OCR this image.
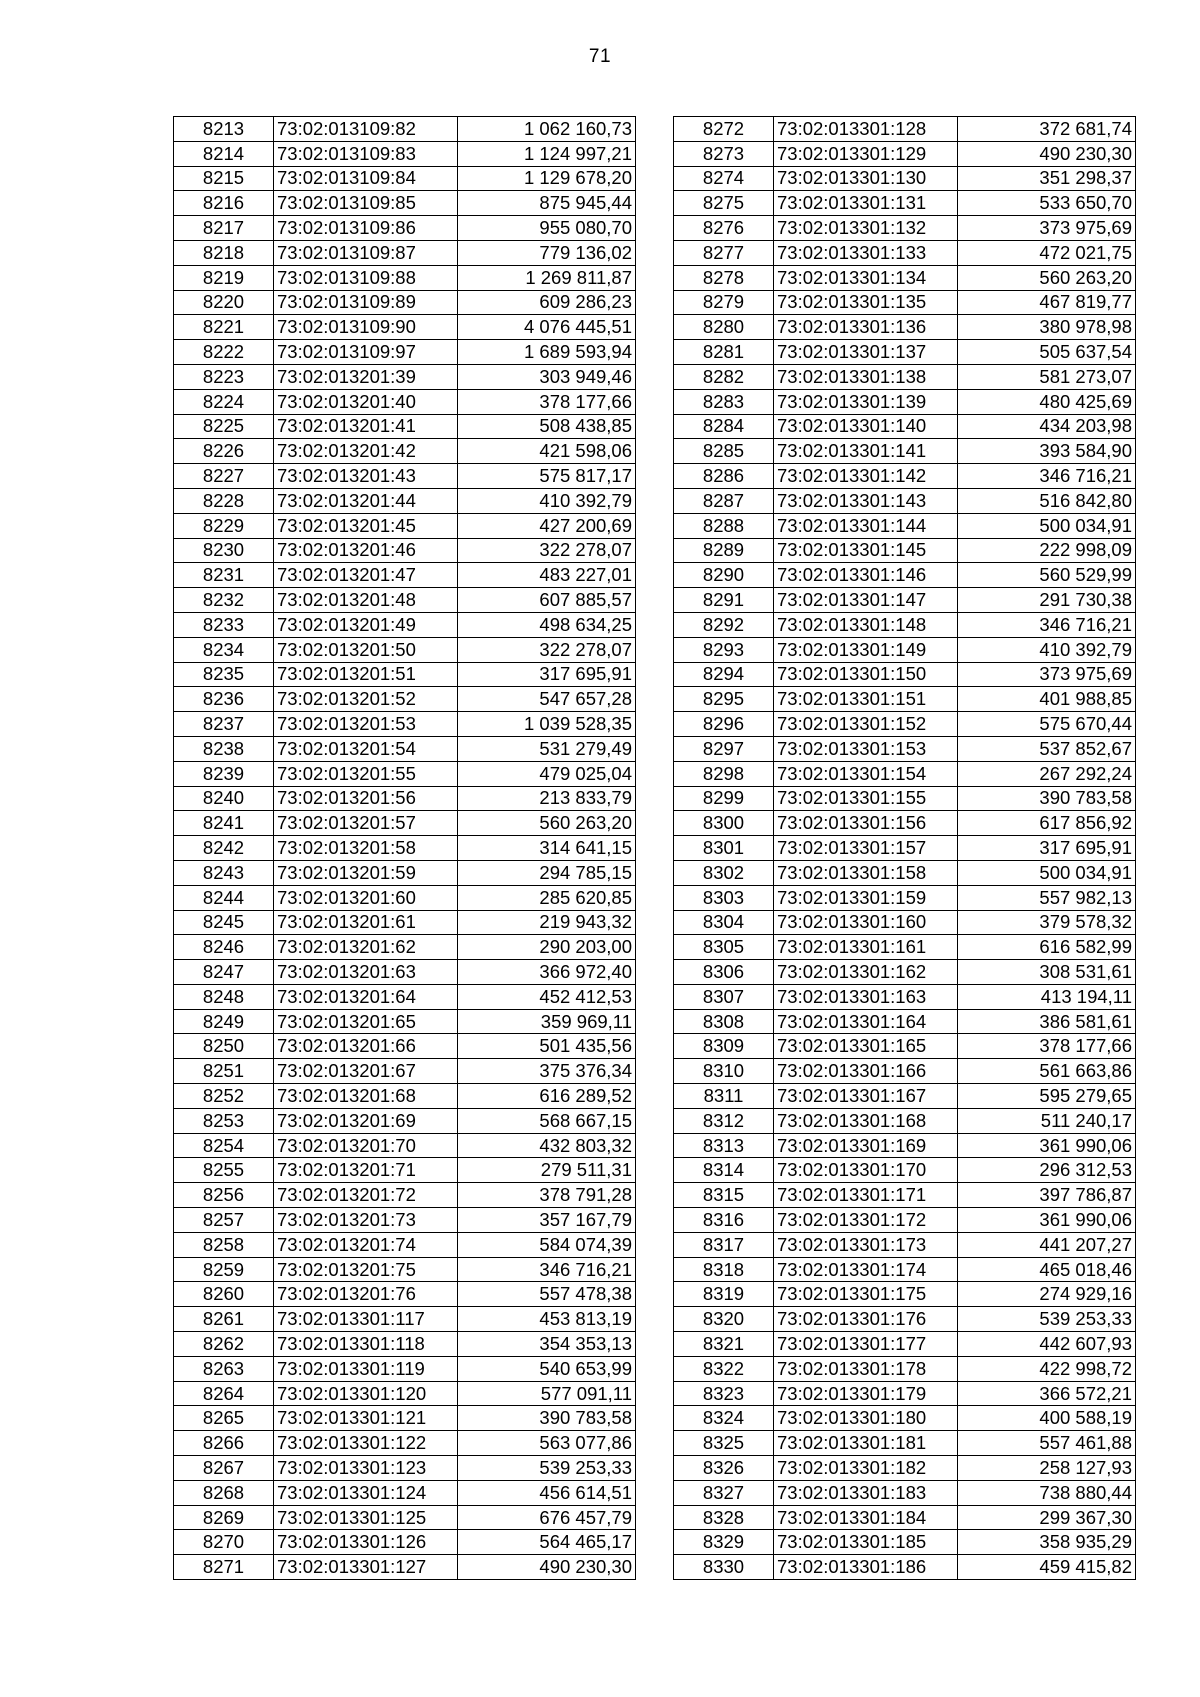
71
8213	73:02:013109:82	1 062 160,73
8214	73:02:013109:83	1 124 997,21
8215	73:02:013109:84	1 129 678,20
8216	73:02:013109:85	875 945,44
8217	73:02:013109:86	955 080,70
8218	73:02:013109:87	779 136,02
8219	73:02:013109:88	1 269 811,87
8220	73:02:013109:89	609 286,23
8221	73:02:013109:90	4 076 445,51
8222	73:02:013109:97	1 689 593,94
8223	73:02:013201:39	303 949,46
8224	73:02:013201:40	378 177,66
8225	73:02:013201:41	508 438,85
8226	73:02:013201:42	421 598,06
8227	73:02:013201:43	575 817,17
8228	73:02:013201:44	410 392,79
8229	73:02:013201:45	427 200,69
8230	73:02:013201:46	322 278,07
8231	73:02:013201:47	483 227,01
8232	73:02:013201:48	607 885,57
8233	73:02:013201:49	498 634,25
8234	73:02:013201:50	322 278,07
8235	73:02:013201:51	317 695,91
8236	73:02:013201:52	547 657,28
8237	73:02:013201:53	1 039 528,35
8238	73:02:013201:54	531 279,49
8239	73:02:013201:55	479 025,04
8240	73:02:013201:56	213 833,79
8241	73:02:013201:57	560 263,20
8242	73:02:013201:58	314 641,15
8243	73:02:013201:59	294 785,15
8244	73:02:013201:60	285 620,85
8245	73:02:013201:61	219 943,32
8246	73:02:013201:62	290 203,00
8247	73:02:013201:63	366 972,40
8248	73:02:013201:64	452 412,53
8249	73:02:013201:65	359 969,11
8250	73:02:013201:66	501 435,56
8251	73:02:013201:67	375 376,34
8252	73:02:013201:68	616 289,52
8253	73:02:013201:69	568 667,15
8254	73:02:013201:70	432 803,32
8255	73:02:013201:71	279 511,31
8256	73:02:013201:72	378 791,28
8257	73:02:013201:73	357 167,79
8258	73:02:013201:74	584 074,39
8259	73:02:013201:75	346 716,21
8260	73:02:013201:76	557 478,38
8261	73:02:013301:117	453 813,19
8262	73:02:013301:118	354 353,13
8263	73:02:013301:119	540 653,99
8264	73:02:013301:120	577 091,11
8265	73:02:013301:121	390 783,58
8266	73:02:013301:122	563 077,86
8267	73:02:013301:123	539 253,33
8268	73:02:013301:124	456 614,51
8269	73:02:013301:125	676 457,79
8270	73:02:013301:126	564 465,17
8271	73:02:013301:127	490 230,30
8272	73:02:013301:128	372 681,74
8273	73:02:013301:129	490 230,30
8274	73:02:013301:130	351 298,37
8275	73:02:013301:131	533 650,70
8276	73:02:013301:132	373 975,69
8277	73:02:013301:133	472 021,75
8278	73:02:013301:134	560 263,20
8279	73:02:013301:135	467 819,77
8280	73:02:013301:136	380 978,98
8281	73:02:013301:137	505 637,54
8282	73:02:013301:138	581 273,07
8283	73:02:013301:139	480 425,69
8284	73:02:013301:140	434 203,98
8285	73:02:013301:141	393 584,90
8286	73:02:013301:142	346 716,21
8287	73:02:013301:143	516 842,80
8288	73:02:013301:144	500 034,91
8289	73:02:013301:145	222 998,09
8290	73:02:013301:146	560 529,99
8291	73:02:013301:147	291 730,38
8292	73:02:013301:148	346 716,21
8293	73:02:013301:149	410 392,79
8294	73:02:013301:150	373 975,69
8295	73:02:013301:151	401 988,85
8296	73:02:013301:152	575 670,44
8297	73:02:013301:153	537 852,67
8298	73:02:013301:154	267 292,24
8299	73:02:013301:155	390 783,58
8300	73:02:013301:156	617 856,92
8301	73:02:013301:157	317 695,91
8302	73:02:013301:158	500 034,91
8303	73:02:013301:159	557 982,13
8304	73:02:013301:160	379 578,32
8305	73:02:013301:161	616 582,99
8306	73:02:013301:162	308 531,61
8307	73:02:013301:163	413 194,11
8308	73:02:013301:164	386 581,61
8309	73:02:013301:165	378 177,66
8310	73:02:013301:166	561 663,86
8311	73:02:013301:167	595 279,65
8312	73:02:013301:168	511 240,17
8313	73:02:013301:169	361 990,06
8314	73:02:013301:170	296 312,53
8315	73:02:013301:171	397 786,87
8316	73:02:013301:172	361 990,06
8317	73:02:013301:173	441 207,27
8318	73:02:013301:174	465 018,46
8319	73:02:013301:175	274 929,16
8320	73:02:013301:176	539 253,33
8321	73:02:013301:177	442 607,93
8322	73:02:013301:178	422 998,72
8323	73:02:013301:179	366 572,21
8324	73:02:013301:180	400 588,19
8325	73:02:013301:181	557 461,88
8326	73:02:013301:182	258 127,93
8327	73:02:013301:183	738 880,44
8328	73:02:013301:184	299 367,30
8329	73:02:013301:185	358 935,29
8330	73:02:013301:186	459 415,82
